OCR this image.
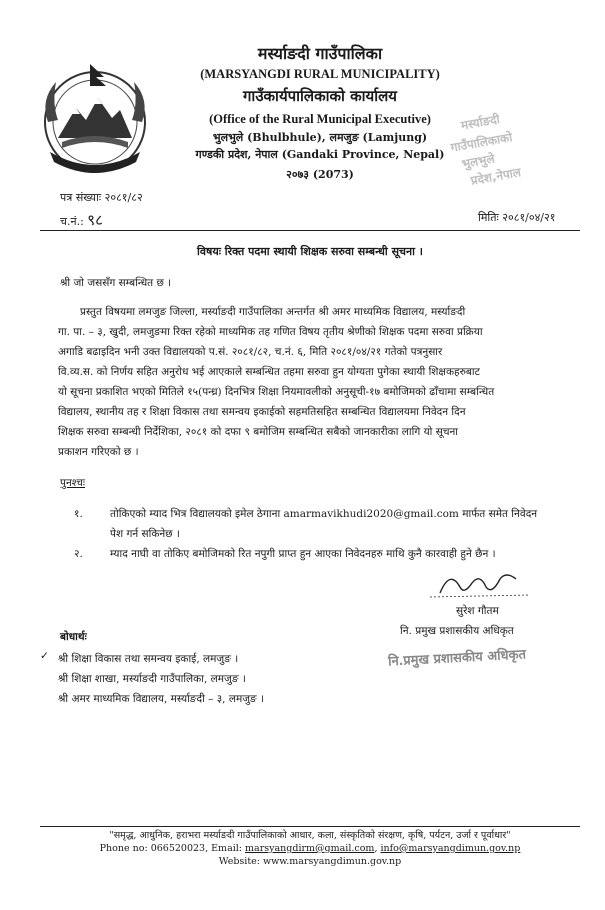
मर्स्याङदी
गाउँपालिकाको
भुलभुले
प्रदेश,नेपाल
मर्स्याङदी गाउँपालिका
(MARSYANGDI RURAL MUNICIPALITY)
गाउँकार्यपालिकाको कार्यालय
(Office of the Rural Municipal Executive)
भुलभुले (Bhulbhule), लमजुङ (Lamjung)
गण्डकी प्रदेश, नेपाल (Gandaki Province, Nepal)
२०७३ (2073)
पत्र संख्याः २०८१/८२
च.नं.: ९८	मितिः २०८१/०४/२१
विषयः रिक्त पदमा स्थायी शिक्षक सरुवा सम्बन्धी सूचना ।
श्री जो जससँग सम्बन्धित छ ।
प्रस्तुत विषयमा लमजुङ जिल्ला, मर्स्याङदी गाउँपालिका अन्तर्गत श्री अमर माध्यमिक विद्यालय, मर्स्याङदी
गा. पा. – ३, खुदी, लमजुङमा रिक्त रहेको माध्यमिक तह गणित विषय तृतीय श्रेणीको शिक्षक पदमा सरुवा प्रक्रिया
अगाडि बढाइदिन भनी उक्त विद्यालयको प.सं. २०८१/८२, च.नं. ६, मिति २०८१/०४/२१ गतेको पत्रनुसार
वि.व्य.स. को निर्णय सहित अनुरोध भई आएकाले सम्बन्धित तहमा सरुवा हुन योग्यता पुगेका स्थायी शिक्षकहरुबाट
यो सूचना प्रकाशित भएको मितिले १५(पन्ध्र) दिनभित्र शिक्षा नियमावलीको अनुसूची-१७ बमोजिमको ढाँचामा सम्बन्धित
विद्यालय, स्थानीय तह र शिक्षा विकास तथा समन्वय इकाईको सहमतिसहित सम्बन्धित विद्यालयमा निवेदन दिन
शिक्षक सरुवा सम्बन्धी निर्देशिका, २०८१ को दफा ९ बमोजिम सम्बन्धित सबैको जानकारीका लागि यो सूचना
प्रकाशन गरिएको छ ।
पुनश्चः
१.	तोकिएको म्याद भित्र विद्यालयको इमेल ठेगाना amarmavikhudi2020@gmail.com मार्फत समेत निवेदन
पेश गर्न सकिनेछ ।
२.	म्याद नाघी वा तोकिए बमोजिमको रित नपुगी प्राप्त हुन आएका निवेदनहरु माथि कुनै कारवाही हुने छैन ।
सुरेश गौतम
नि. प्रमुख प्रशासकीय अधिकृत
नि.प्रमुख प्रशासकीय अधिकृत
बोधार्थः
✓ श्री शिक्षा विकास तथा समन्वय इकाई, लमजुङ ।
श्री शिक्षा शाखा, मर्स्याङदी गाउँपालिका, लमजुङ ।
श्री अमर माध्यमिक विद्यालय, मर्स्याङदी – ३, लमजुङ ।
"समृद्ध, आधुनिक, हराभरा मर्स्याङदी गाउँपालिकाको आधार, कला, संस्कृतिको संरक्षण, कृषि, पर्यटन, उर्जा र पूर्वाधार"
Phone no: 066520023, Email: marsyangdirm@gmail.com, info@marsyangdimun.gov.np
Website: www.marsyangdimun.gov.np
